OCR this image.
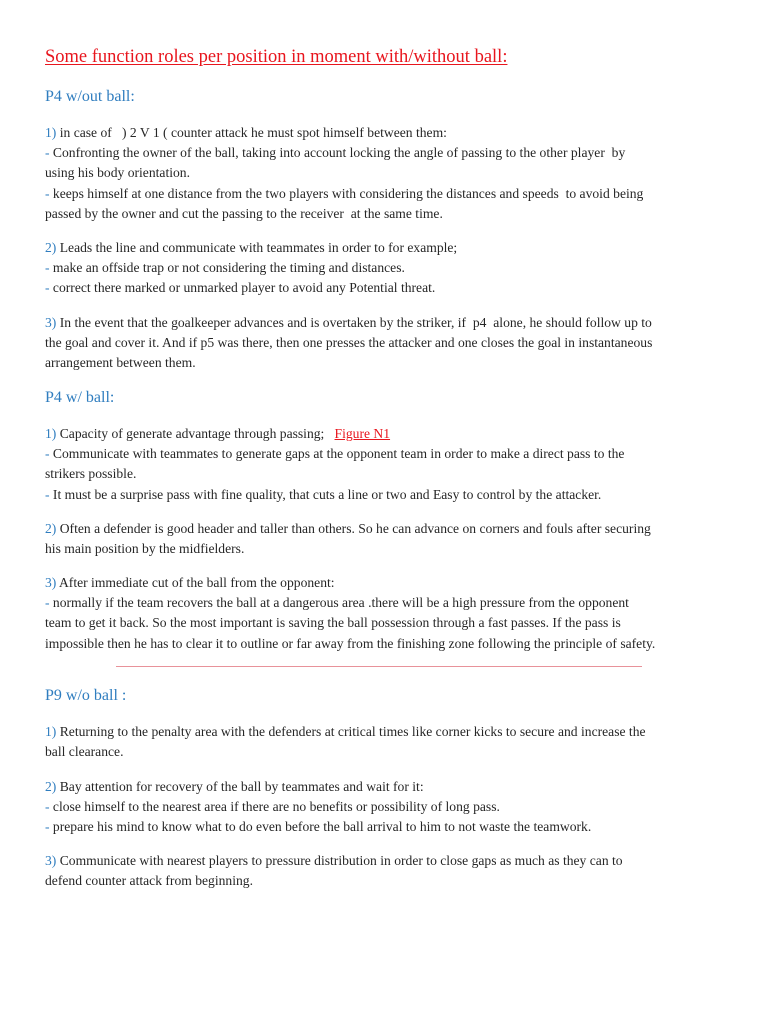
Some function roles per position in moment with/without ball:
P4 w/out ball:
1) in case of   ) 2 V 1 ( counter attack he must spot himself between them:
- Confronting the owner of the ball, taking into account locking the angle of passing to the other player  by
using his body orientation.
- keeps himself at one distance from the two players with considering the distances and speeds  to avoid being
passed by the owner and cut the passing to the receiver  at the same time.
2) Leads the line and communicate with teammates in order to for example;
- make an offside trap or not considering the timing and distances.
- correct there marked or unmarked player to avoid any Potential threat.
3) In the event that the goalkeeper advances and is overtaken by the striker, if  p4  alone, he should follow up to
the goal and cover it. And if p5 was there, then one presses the attacker and one closes the goal in instantaneous
arrangement between them.
P4 w/ ball:
1) Capacity of generate advantage through passing;   Figure N1
- Communicate with teammates to generate gaps at the opponent team in order to make a direct pass to the
strikers possible.
- It must be a surprise pass with fine quality, that cuts a line or two and Easy to control by the attacker.
2) Often a defender is good header and taller than others. So he can advance on corners and fouls after securing
his main position by the midfielders.
3) After immediate cut of the ball from the opponent:
- normally if the team recovers the ball at a dangerous area .there will be a high pressure from the opponent
team to get it back. So the most important is saving the ball possession through a fast passes. If the pass is
impossible then he has to clear it to outline or far away from the finishing zone following the principle of safety.
P9 w/o ball :
1) Returning to the penalty area with the defenders at critical times like corner kicks to secure and increase the
ball clearance.
2) Bay attention for recovery of the ball by teammates and wait for it:
- close himself to the nearest area if there are no benefits or possibility of long pass.
- prepare his mind to know what to do even before the ball arrival to him to not waste the teamwork.
3) Communicate with nearest players to pressure distribution in order to close gaps as much as they can to
defend counter attack from beginning.
